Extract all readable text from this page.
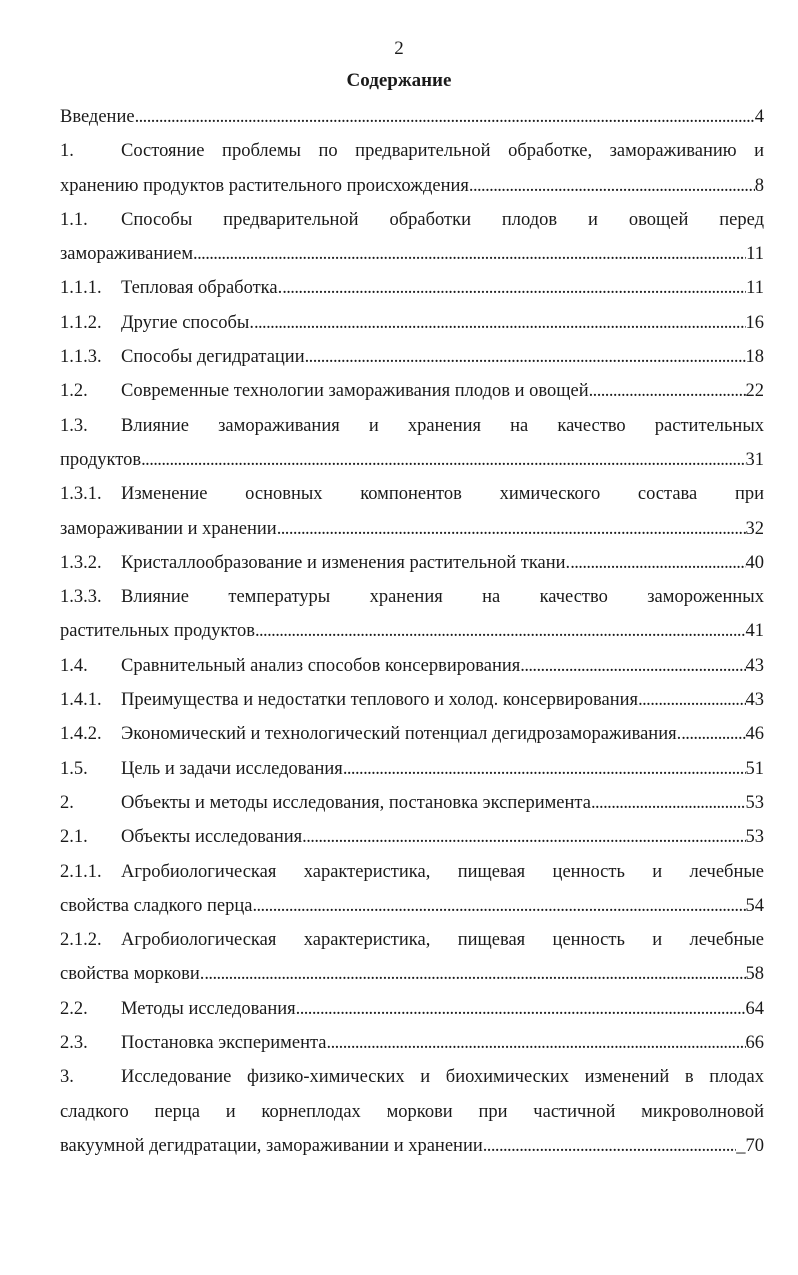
2
Содержание
Введение . . .	4
1.	Состояние проблемы по предварительной обработке, замораживанию и
хранению продуктов растительного происхождения . . .	8
1.1. Способы предварительной обработки плодов и овощей перед
замораживанием . . .	11
1.1.1. Тепловая обработка. . . .	11
1.1.2. Другие способы. . . .	16
1.1.3. Способы дегидратации . . .	18
1.2. Современные технологии замораживания плодов и овощей . . .	22
1.3. Влияние замораживания и хранения на качество растительных
продуктов . . .	31
1.3.1. Изменение основных компонентов химического состава при
замораживании и хранении . . .	32
1.3.2. Кристаллообразование и изменения растительной ткани. . . .	40
1.3.3. Влияние температуры хранения на качество замороженных
растительных продуктов . . .	41
1.4. Сравнительный анализ способов консервирования . . .	43
1.4.1. Преимущества и недостатки теплового и холод. консервирования . . .	43
1.4.2. Экономический и технологический потенциал дегидрозамораживания. . . .	46
1.5. Цель и задачи исследования . . .	51
2.	Объекты и методы исследования, постановка эксперимента . . .	53
2.1. Объекты исследования . . .	53
2.1.1. Агробиологическая характеристика, пищевая ценность и лечебные
свойства сладкого перца . . .	54
2.1.2. Агробиологическая характеристика, пищевая ценность и лечебные
свойства моркови. . . .	58
2.2. Методы исследования . . .	64
2.3. Постановка эксперимента . . .	66
3.	Исследование физико-химических и биохимических изменений в плодах
сладкого перца и корнеплодах моркови при частичной микроволновой
вакуумной дегидратации, замораживании и хранении . . .	_70
